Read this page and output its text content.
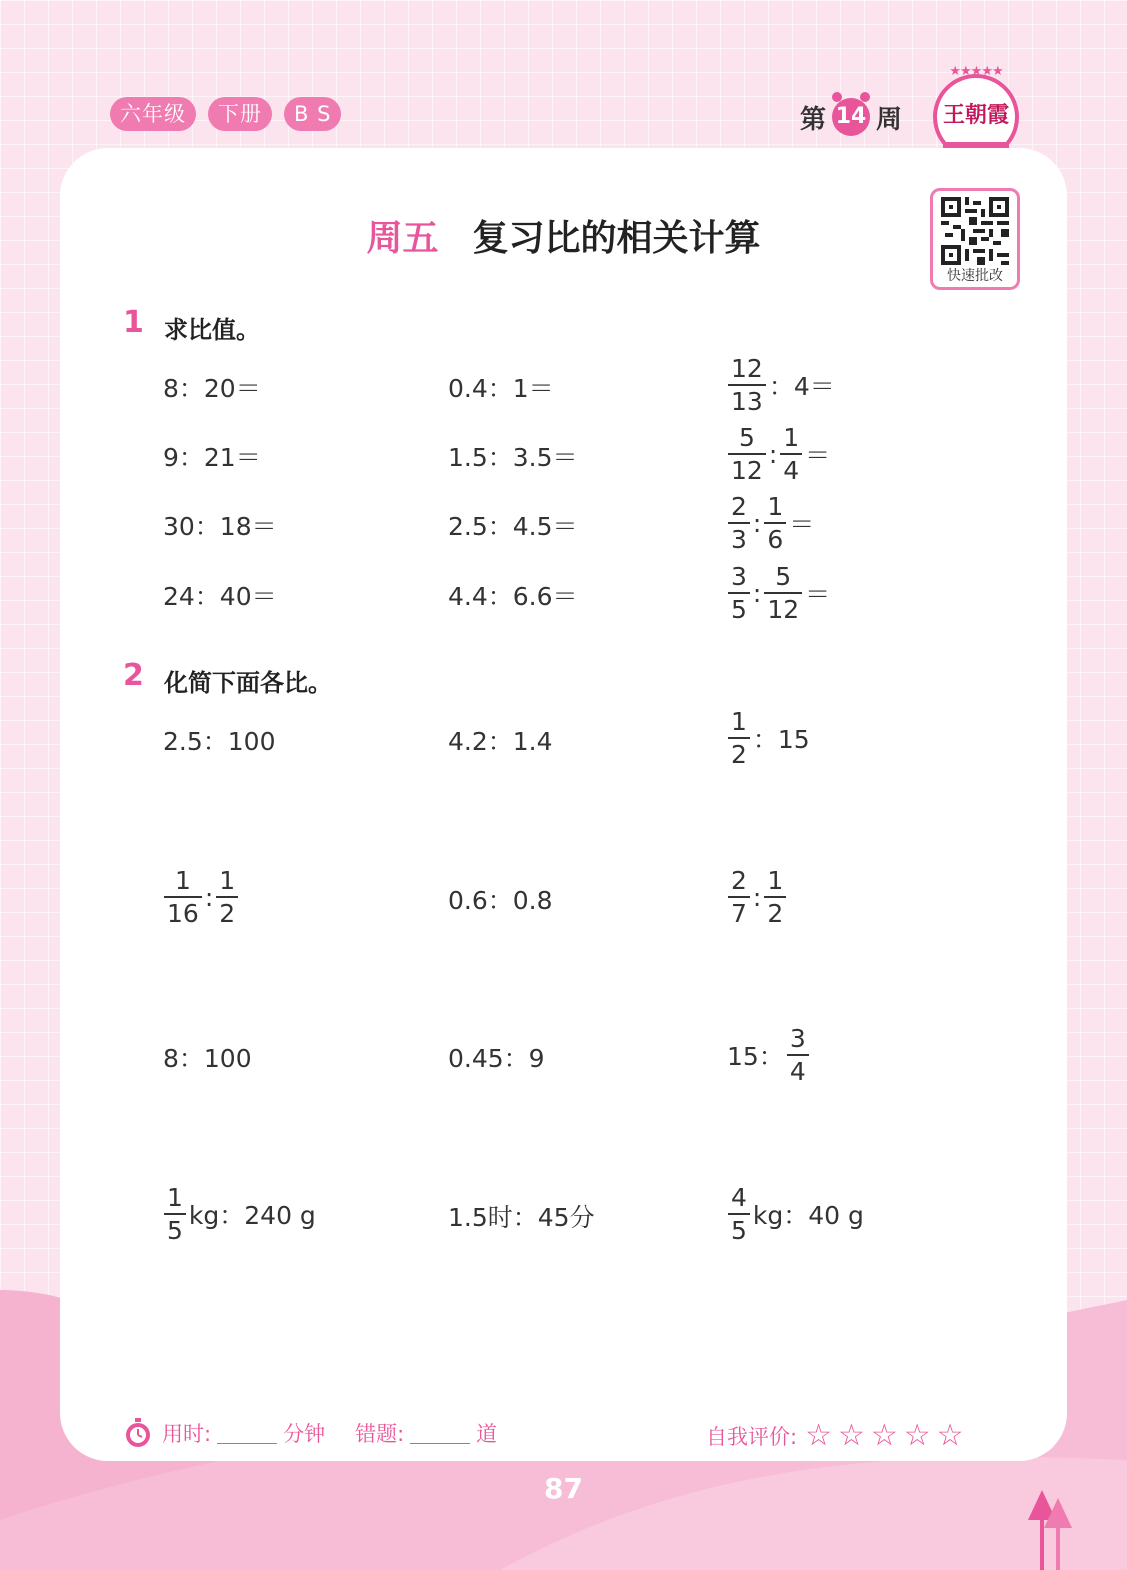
六年级	下册	B S	第 14 周
★★★★★
王朝霞
周五 复习比的相关计算
快速批改
1 求比值。
8：20＝	0.4：1＝	$\frac{12}{13}$ ：4＝
9：21＝	1.5：3.5＝	$\frac{5}{12}$ : $\frac{1}{4}$ ＝
30：18＝	2.5：4.5＝	$\frac{2}{3}$ : $\frac{1}{6}$ ＝
24：40＝	4.4：6.6＝	$\frac{3}{5}$ : $\frac{5}{12}$ ＝
2 化简下面各比。
2.5：100	4.2：1.4	$\frac{1}{2}$ ：15
$\frac{1}{16}$ : $\frac{1}{2}$	0.6：0.8	$\frac{2}{7}$ : $\frac{1}{2}$
8：100	0.45：9	15： $\frac{3}{4}$
$\frac{1}{5}$ kg：240 g	1.5时：45分	$\frac{4}{5}$ kg：40 g
用时:	分钟 错题:	道	自我评价: ☆☆☆☆☆
87
